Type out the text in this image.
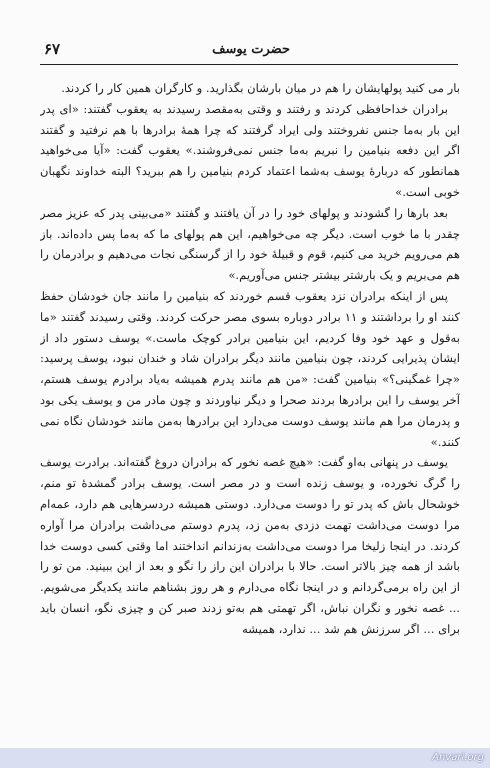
حضرت یوسف
۶۷

بار می کنید پولهایشان را هم در میان بارشان بگذارید. و کارگران همین کار را کردند.

برادران خداحافظی کردند و رفتند و وقتی به‌مقصد رسیدند به یعقوب گفتند: «ای پدر این بار به‌ما جنس نفروختند ولی ایراد گرفتند که چرا همهٔ برادرها با هم نرفتید و گفتند اگر این دفعه بنیامین را نبریم به‌ما جنس نمی‌فروشند.» یعقوب گفت: «آیا می‌خواهید همانطور که دربارهٔ یوسف به‌شما اعتماد کردم بنیامین را هم ببرید؟ البته خداوند نگهبان خوبی است.»

بعد بارها را گشودند و پولهای خود را در آن یافتند و گفتند «می‌بینی پدر که عزیز مصر چقدر با ما خوب است. دیگر چه می‌خواهیم، این هم پولهای ما که به‌ما پس داده‌اند. باز هم می‌رویم خرید می کنیم، قوم و قبیلهٔ خود را از گرسنگی نجات می‌دهیم و برادرمان را هم می‌بریم و یک بارشتر بیشتر جنس می‌آوریم.»

پس از اینکه برادران نزد یعقوب قسم خوردند که بنیامین را مانند جان خودشان حفظ کنند او را برداشتند و ۱۱ برادر دوباره بسوی مصر حرکت کردند. وقتی رسیدند گفتند «ما به‌قول و عهد خود وفا کردیم، این بنیامین برادر کوچک ماست.» یوسف دستور داد از ایشان پذیرایی کردند، چون بنیامین مانند دیگر برادران شاد و خندان نبود، یوسف پرسید: «چرا غمگینی؟» بنیامین گفت: «من هم مانند پدرم همیشه به‌یاد برادرم یوسف هستم، آخر یوسف را این برادرها بردند صحرا و دیگر نیاوردند و چون مادر من و یوسف یکی بود و پدرمان مرا هم مانند یوسف دوست می‌دارد این برادرها به‌من مانند خودشان نگاه نمی کنند.»

یوسف در پنهانی به‌او گفت: «هیچ غصه نخور که برادران دروغ گفته‌اند. برادرت یوسف را گرگ نخورده، و یوسف زنده است و در مصر است. یوسف برادر گمشدهٔ تو منم، خوشحال باش که پدر تو را دوست می‌دارد. دوستی همیشه دردسرهایی هم دارد، عمه‌ام مرا دوست می‌داشت تهمت دزدی به‌من زد، پدرم دوستم می‌داشت برادران مرا آواره کردند. در اینجا زلیخا مرا دوست می‌داشت به‌زندانم انداختند اما وقتی کسی دوست خدا باشد از همه چیز بالاتر است. حالا با برادران این راز را نگو و بعد از این ببینید. من تو را از این راه برمی‌گردانم و در اینجا نگاه می‌دارم و هر روز بشناهم مانند یکدیگر می‌شویم. ... غصه نخور و نگران نباش، اگر تهمتی هم به‌تو زدند صبر کن و چیزی نگو، انسان باید برای ... اگر سرزنش هم شد ... ندارد، همیشه

Anvari.org
